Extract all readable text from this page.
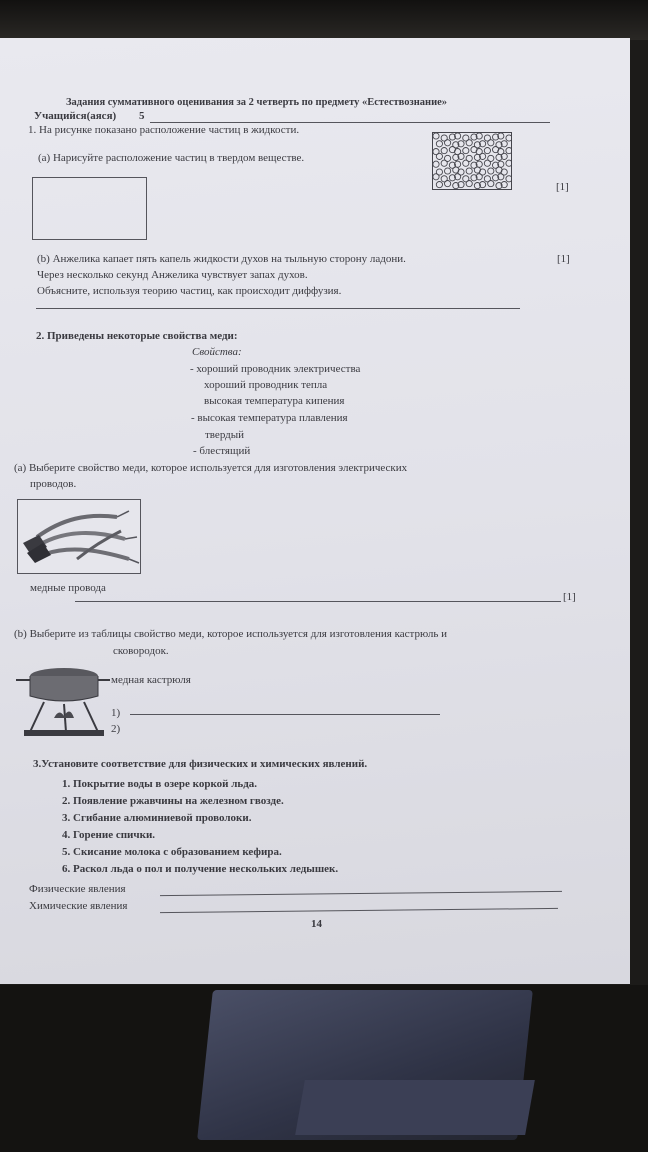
Задания суммативного оценивания за 2 четверть по предмету «Естествознание»
Учащийся(аяся) 5
1. На рисунке показано расположение частиц в жидкости.
(a) Нарисуйте расположение частиц в твердом веществе.
[1]
(b) Анжелика капает пять капель жидкости духов на тыльную сторону ладони.	[1]
Через несколько секунд Анжелика чувствует запах духов.
Объясните, используя теорию частиц, как происходит диффузия.
2. Приведены некоторые свойства меди:
Свойства:
- хороший проводник электричества
хороший проводник тепла
высокая температура кипения
- высокая температура плавления
твердый
- блестящий
(a) Выберите свойство меди, которое используется для изготовления электрических
проводов.
медные провода
[1]
(b) Выберите из таблицы свойство меди, которое используется для изготовления кастрюль и
сковородок.
медная кастрюля
1)
2)
3.Установите соответствие для физических и химических явлений.
1. Покрытие воды в озере коркой льда.
2. Появление ржавчины на железном гвозде.
3. Сгибание алюминиевой проволоки.
4. Горение спички.
5. Скисание молока с образованием кефира.
6. Раскол льда о пол и получение нескольких ледышек.
Физические явления
Химические явления
14
